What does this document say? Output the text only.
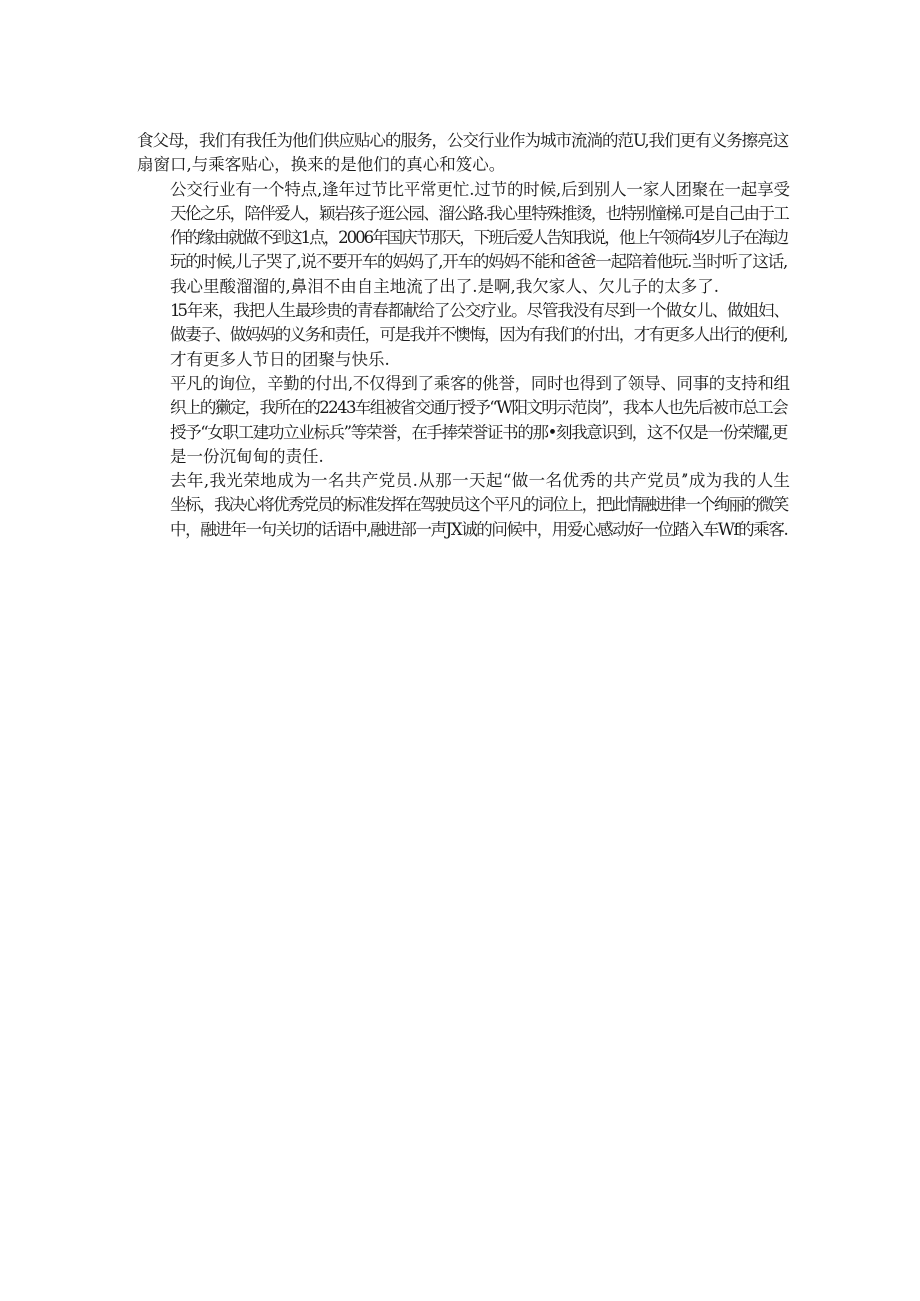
食父母，我们有我任为他们供应贴心的服务，公交行业作为城市流淌的范U,我们更有义务擦亮这
扇窗口,与乘客贴心，换来的是他们的真心和笈心。
公交行业有一个特点,逢年过节比平常更忙.过节的时候,后到别人一家人团聚在一起享受
天伦之乐，陪伴爱人，颖岩孩子逛公园、溜公路.我心里特殊推烫，也特别憧梯.可是自己由于工
作的缘由就做不到这1点，2006年国庆节那天，下班后爱人告知我说，他上午领荷4岁儿子在海边
玩的时候,儿子哭了,说不要开车的妈妈了,开车的妈妈不能和爸爸一起陪着他玩.当时听了这话,
我心里酸溜溜的,鼻泪不由自主地流了出了.是啊,我欠家人、欠儿子的太多了.
15年来，我把人生最珍贵的青春都献给了公交疗业。尽管我没有尽到一个做女儿、做姐妇、
做妻子、做妈妈的义务和责任，可是我并不懊悔，因为有我们的付出，才有更多人出行的便利,
才有更多人节日的团聚与快乐.
平凡的询位，辛勤的付出,不仅得到了乘客的佻誉，同时也得到了领导、同事的支持和组
织上的獭定，我所在的2243车组被省交通厅授予“W阳文明示范岗”，我本人也先后被市总工会
授予“女职工建功立业标兵”等荣誉，在手捧荣誉证书的那•刻我意识到，这不仅是一份荣耀,更
是一份沉甸甸的责任.
去年,我光荣地成为一名共产党员.从那一天起“做一名优秀的共产党员’’成为我的人生
坐标，我决心将优秀党员的标准发挥在驾驶员这个平凡的词位上，把此情融进律一个绚丽的微笑
中，融进年一句关切的话语中,融进部一声JX诚的问候中，用爱心感动好一位踏入车Wf的乘客.
